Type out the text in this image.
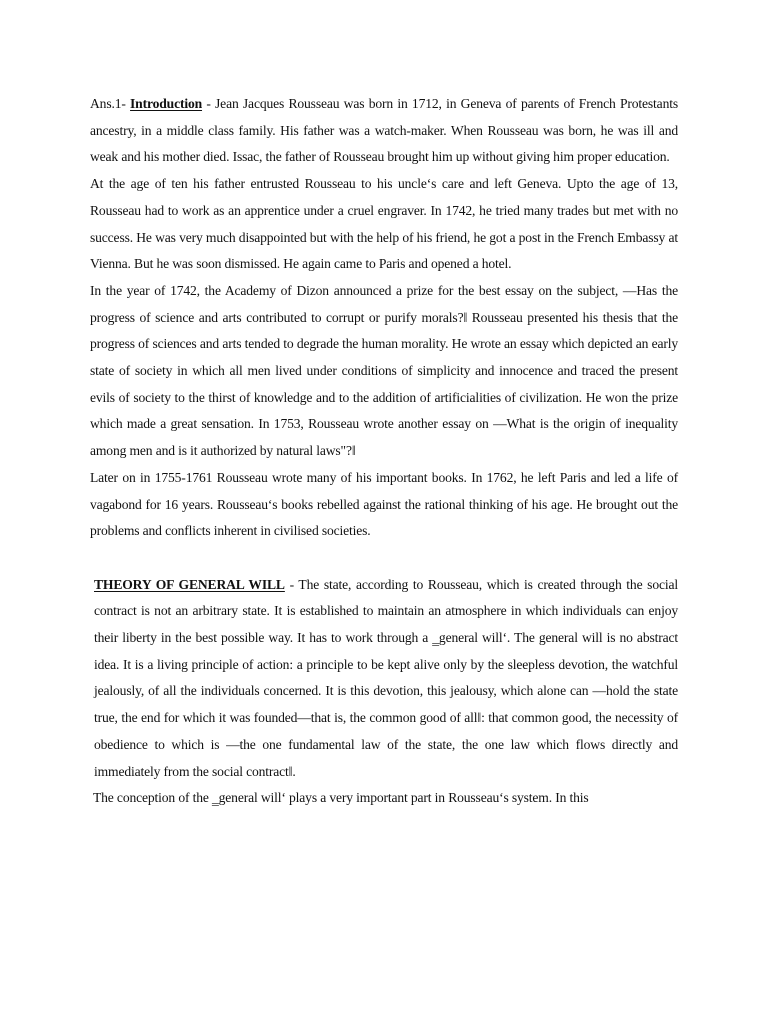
Ans.1- Introduction - Jean Jacques Rousseau was born in 1712, in Geneva of parents of French Protestants ancestry, in a middle class family. His father was a watch-maker. When Rousseau was born, he was ill and weak and his mother died. Issac, the father of Rousseau brought him up without giving him proper education.

At the age of ten his father entrusted Rousseau to his uncle‘s care and left Geneva. Upto the age of 13, Rousseau had to work as an apprentice under a cruel engraver. In 1742, he tried many trades but met with no success. He was very much disappointed but with the help of his friend, he got a post in the French Embassy at Vienna. But he was soon dismissed. He again came to Paris and opened a hotel.

In the year of 1742, the Academy of Dizon announced a prize for the best essay on the subject, ―Has the progress of science and arts contributed to corrupt or purify morals?‖ Rousseau presented his thesis that the progress of sciences and arts tended to degrade the human morality. He wrote an essay which depicted an early state of society in which all men lived under conditions of simplicity and innocence and traced the present evils of society to the thirst of knowledge and to the addition of artificialities of civilization. He won the prize which made a great sensation. In 1753, Rousseau wrote another essay on ―What is the origin of inequality among men and is it authorized by natural laws"?‖

Later on in 1755-1761 Rousseau wrote many of his important books. In 1762, he left Paris and led a life of vagabond for 16 years. Rousseau‘s books rebelled against the rational thinking of his age. He brought out the problems and conflicts inherent in civilised societies.

THEORY OF GENERAL WILL - The state, according to Rousseau, which is created through the social contract is not an arbitrary state. It is established to maintain an atmosphere in which individuals can enjoy their liberty in the best possible way. It has to work through a ‗general will‘. The general will is no abstract idea. It is a living principle of action: a principle to be kept alive only by the sleepless devotion, the watchful jealously, of all the individuals concerned. It is this devotion, this jealousy, which alone can ―hold the state true, the end for which it was founded—that is, the common good of all‖: that common good, the necessity of obedience to which is ―the one fundamental law of the state, the one law which flows directly and immediately from the social contract‖.

The conception of the ‗general will‘ plays a very important part in Rousseau‘s system. In this
